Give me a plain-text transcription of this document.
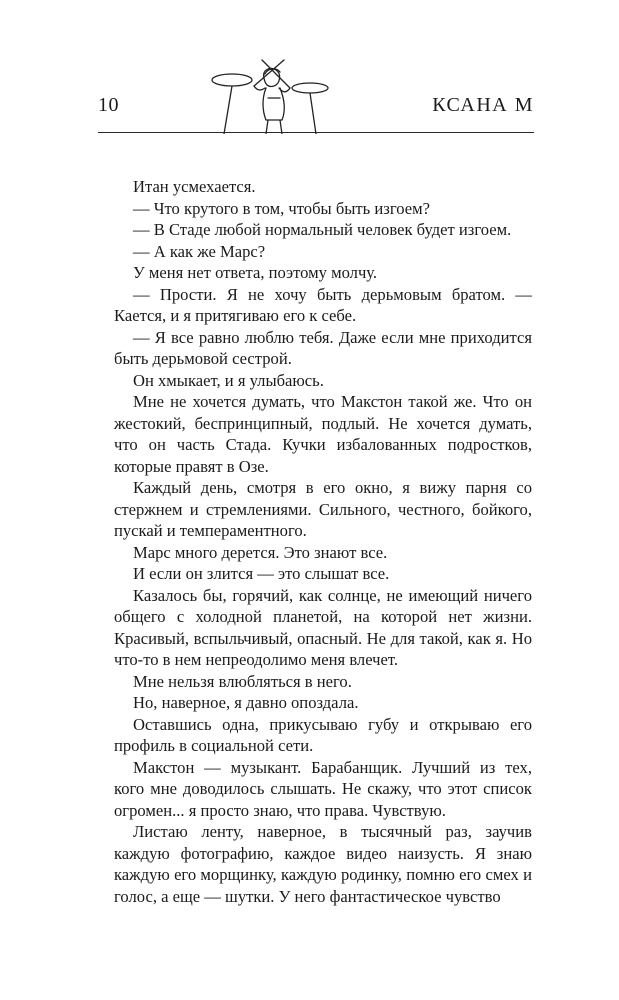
10	КСАНА М

Итан усмехается.

— Что крутого в том, чтобы быть изгоем?

— В Стаде любой нормальный человек будет изгоем.

— А как же Марс?

У меня нет ответа, поэтому молчу.

— Прости. Я не хочу быть дерьмовым братом. — Кается, и я притягиваю его к себе.

— Я все равно люблю тебя. Даже если мне приходится быть дерьмовой сестрой.

Он хмыкает, и я улыбаюсь.

Мне не хочется думать, что Макстон такой же. Что он жестокий, беспринципный, подлый. Не хочется думать, что он часть Стада. Кучки избалованных подростков, которые правят в Озе.

Каждый день, смотря в его окно, я вижу парня со стержнем и стремлениями. Сильного, честного, бойкого, пускай и темпераментного.

Марс много дерется. Это знают все.

И если он злится — это слышат все.

Казалось бы, горячий, как солнце, не имеющий ничего общего с холодной планетой, на которой нет жизни. Красивый, вспыльчивый, опасный. Не для такой, как я. Но что-то в нем непреодолимо меня влечет.

Мне нельзя влюбляться в него.

Но, наверное, я давно опоздала.

Оставшись одна, прикусываю губу и открываю его профиль в социальной сети.

Макстон — музыкант. Барабанщик. Лучший из тех, кого мне доводилось слышать. Не скажу, что этот список огромен... я просто знаю, что права. Чувствую.

Листаю ленту, наверное, в тысячный раз, заучив каждую фотографию, каждое видео наизусть. Я знаю каждую его морщинку, каждую родинку, помню его смех и голос, а еще — шутки. У него фантастическое чувство
